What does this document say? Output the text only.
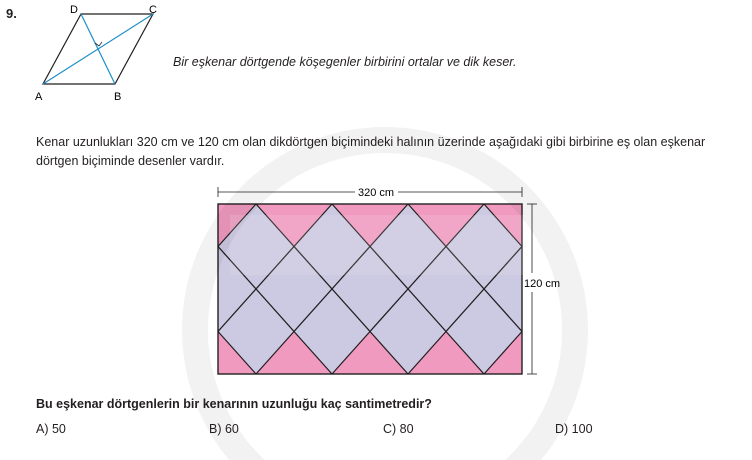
9.	D	C
A	B
Bir eşkenar dörtgende köşegenler birbirini ortalar ve dik keser.
Kenar uzunlukları 320 cm ve 120 cm olan dikdörtgen biçimindeki halının üzerinde aşağıdaki gibi birbirine eş olan eşkenar dörtgen biçiminde desenler vardır.
320 cm
120 cm
Bu eşkenar dörtgenlerin bir kenarının uzunluğu kaç santimetredir?
A) 50	B) 60	C) 80	D) 100
